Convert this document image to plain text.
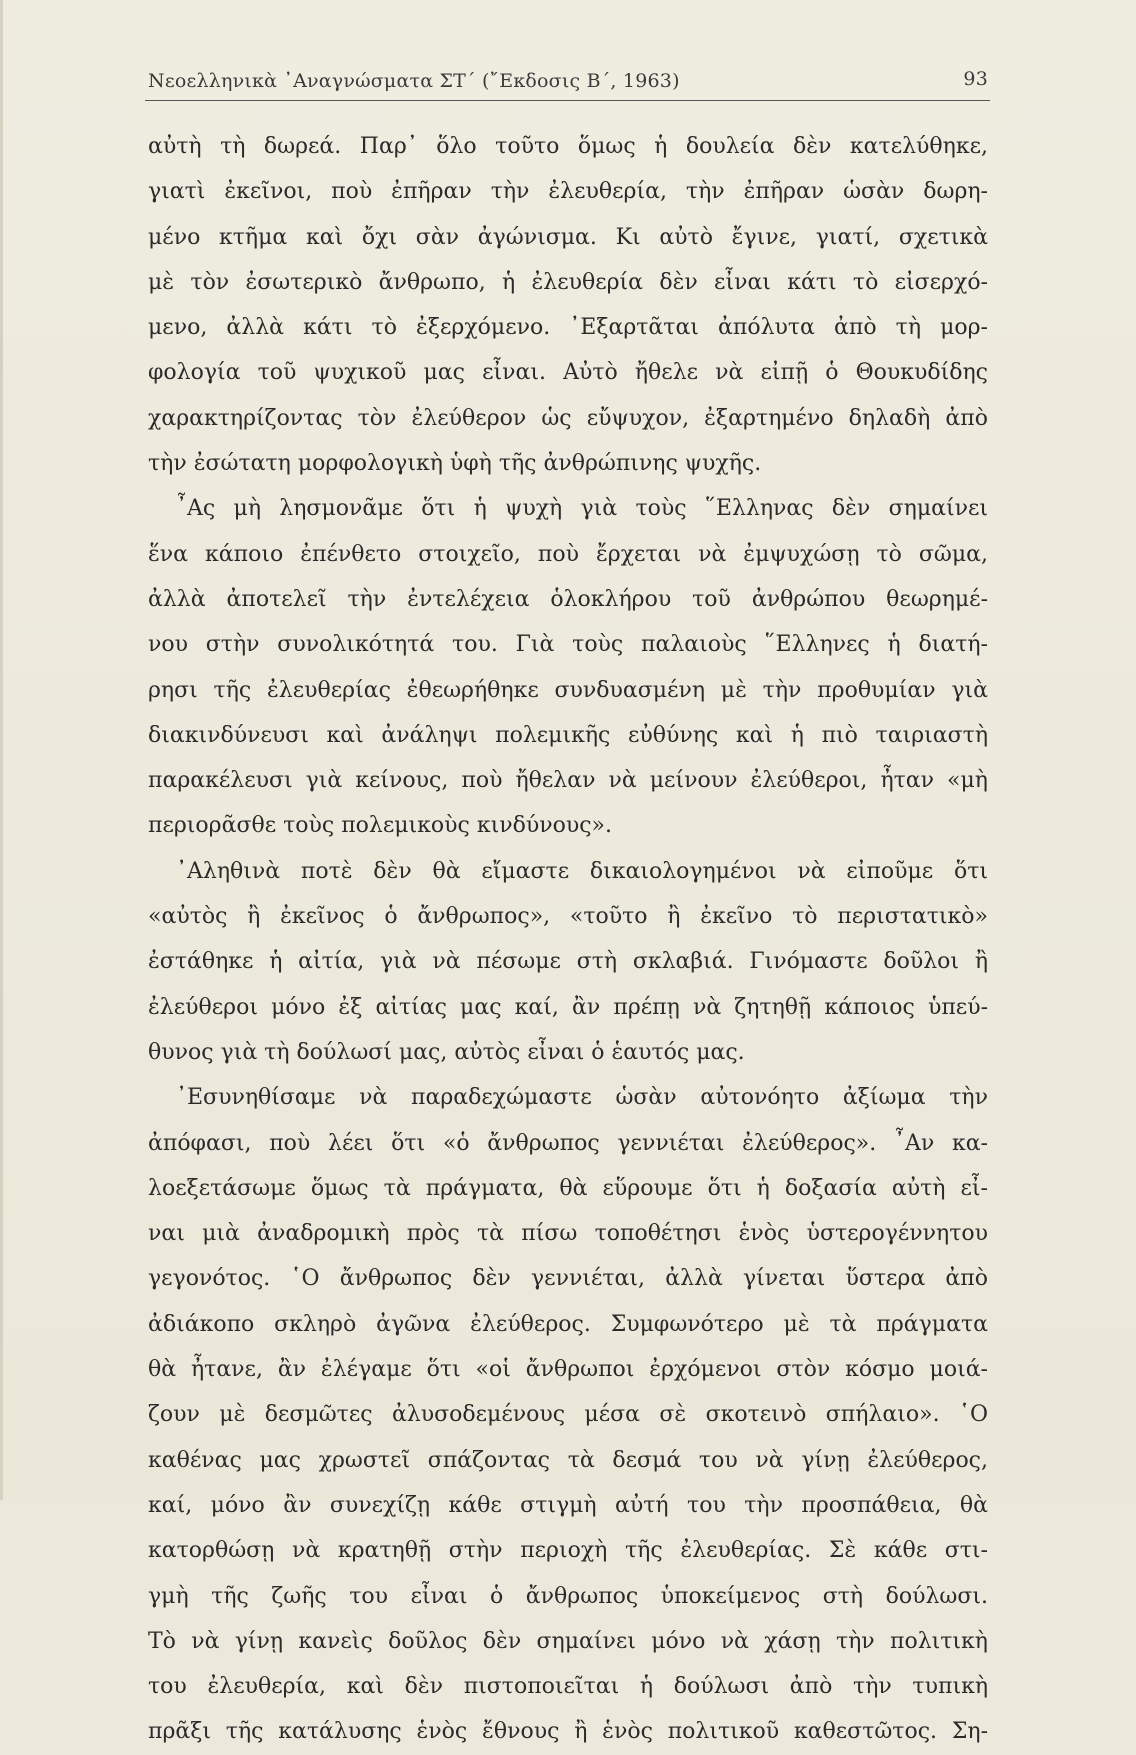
Νεοελληνικὰ ᾿Αναγνώσματα ΣΤ΄ (῎Εκδοσις Β΄, 1963)	93
αὐτὴ τὴ δωρεά. Παρ᾿ ὅλο τοῦτο ὅμως ἡ δουλεία δὲν κατελύθηκε,
γιατὶ ἐκεῖνοι, ποὺ ἐπῆραν τὴν ἐλευθερία, τὴν ἐπῆραν ὡσὰν δωρη-
μένο κτῆμα καὶ ὄχι σὰν ἀγώνισμα. Κι αὐτὸ ἔγινε, γιατί, σχετικὰ
μὲ τὸν ἐσωτερικὸ ἄνθρωπο, ἡ ἐλευθερία δὲν εἶναι κάτι τὸ εἰσερχό-
μενο, ἀλλὰ κάτι τὸ ἐξερχόμενο. ᾿Εξαρτᾶται ἀπόλυτα ἀπὸ τὴ μορ-
φολογία τοῦ ψυχικοῦ μας εἶναι. Αὐτὸ ἤθελε νὰ εἰπῇ ὁ Θουκυδίδης
χαρακτηρίζοντας τὸν ἐλεύθερον ὡς εὔψυχον, ἐξαρτημένο δηλαδὴ ἀπὸ
τὴν ἐσώτατη μορφολογικὴ ὑφὴ τῆς ἀνθρώπινης ψυχῆς.
῏Ας μὴ λησμονᾶμε ὅτι ἡ ψυχὴ γιὰ τοὺς ῞Ελληνας δὲν σημαίνει
ἕνα κάποιο ἐπένθετο στοιχεῖο, ποὺ ἔρχεται νὰ ἐμψυχώσῃ τὸ σῶμα,
ἀλλὰ ἀποτελεῖ τὴν ἐντελέχεια ὁλοκλήρου τοῦ ἀνθρώπου θεωρημέ-
νου στὴν συνολικότητά του. Γιὰ τοὺς παλαιοὺς ῞Ελληνες ἡ διατή-
ρησι τῆς ἐλευθερίας ἐθεωρήθηκε συνδυασμένη μὲ τὴν προθυμίαν γιὰ
διακινδύνευσι καὶ ἀνάληψι πολεμικῆς εὐθύνης καὶ ἡ πιὸ ταιριαστὴ
παρακέλευσι γιὰ κείνους, ποὺ ἤθελαν νὰ μείνουν ἐλεύθεροι, ἦταν «μὴ
περιορᾶσθε τοὺς πολεμικοὺς κινδύνους».
᾿Αληθινὰ ποτὲ δὲν θὰ εἴμαστε δικαιολογημένοι νὰ εἰποῦμε ὅτι
«αὐτὸς ἢ ἐκεῖνος ὁ ἄνθρωπος», «τοῦτο ἢ ἐκεῖνο τὸ περιστατικὸ»
ἐστάθηκε ἡ αἰτία, γιὰ νὰ πέσωμε στὴ σκλαβιά. Γινόμαστε δοῦλοι ἢ
ἐλεύθεροι μόνο ἐξ αἰτίας μας καί, ἂν πρέπῃ νὰ ζητηθῇ κάποιος ὑπεύ-
θυνος γιὰ τὴ δούλωσί μας, αὐτὸς εἶναι ὁ ἑαυτός μας.
᾿Εσυνηθίσαμε νὰ παραδεχώμαστε ὡσὰν αὐτονόητο ἀξίωμα τὴν
ἀπόφασι, ποὺ λέει ὅτι «ὁ ἄνθρωπος γεννιέται ἐλεύθερος». ῏Αν κα-
λοεξετάσωμε ὅμως τὰ πράγματα, θὰ εὕρουμε ὅτι ἡ δοξασία αὐτὴ εἶ-
ναι μιὰ ἀναδρομικὴ πρὸς τὰ πίσω τοποθέτησι ἑνὸς ὑστερογέννητου
γεγονότος. ῾Ο ἄνθρωπος δὲν γεννιέται, ἀλλὰ γίνεται ὕστερα ἀπὸ
ἀδιάκοπο σκληρὸ ἀγῶνα ἐλεύθερος. Συμφωνότερο μὲ τὰ πράγματα
θὰ ἦτανε, ἂν ἐλέγαμε ὅτι «οἱ ἄνθρωποι ἐρχόμενοι στὸν κόσμο μοιά-
ζουν μὲ δεσμῶτες ἀλυσοδεμένους μέσα σὲ σκοτεινὸ σπήλαιο». ῾Ο
καθένας μας χρωστεῖ σπάζοντας τὰ δεσμά του νὰ γίνῃ ἐλεύθερος,
καί, μόνο ἂν συνεχίζῃ κάθε στιγμὴ αὐτή του τὴν προσπάθεια, θὰ
κατορθώσῃ νὰ κρατηθῇ στὴν περιοχὴ τῆς ἐλευθερίας. Σὲ κάθε στι-
γμὴ τῆς ζωῆς του εἶναι ὁ ἄνθρωπος ὑποκείμενος στὴ δούλωσι.
Τὸ νὰ γίνῃ κανεὶς δοῦλος δὲν σημαίνει μόνο νὰ χάσῃ τὴν πολιτικὴ
του ἐλευθερία, καὶ δὲν πιστοποιεῖται ἡ δούλωσι ἀπὸ τὴν τυπικὴ
πρᾶξι τῆς κατάλυσης ἑνὸς ἔθνους ἢ ἑνὸς πολιτικοῦ καθεστῶτος. Ση-
